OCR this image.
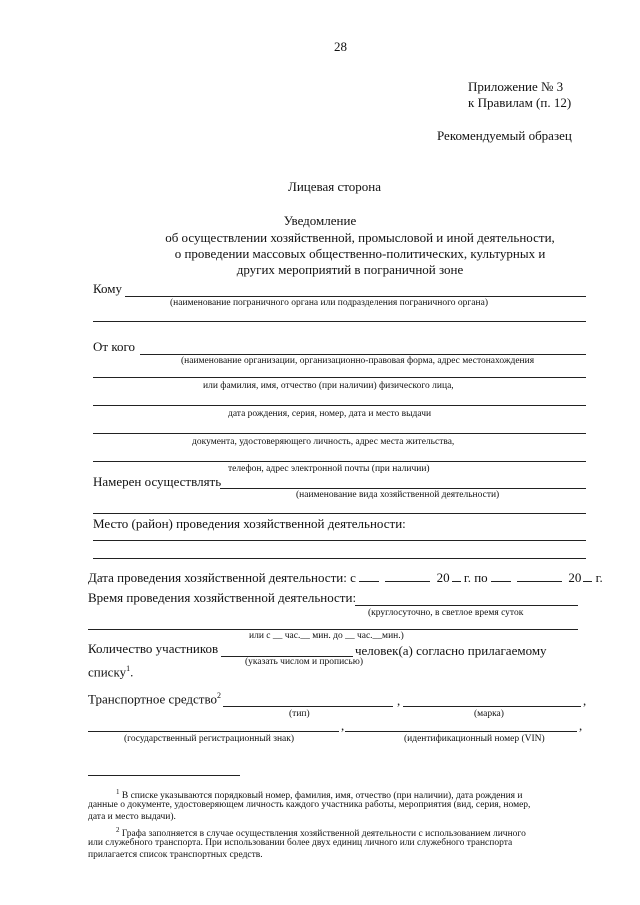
28
Приложение № 3
к Правилам (п. 12)
Рекомендуемый образец
Лицевая сторона
Уведомление
об осуществлении хозяйственной, промысловой и иной деятельности,
о проведении массовых общественно-политических, культурных и
других мероприятий в пограничной зоне
Кому
(наименование пограничного органа или подразделения пограничного органа)
От кого
(наименование организации, организационно-правовая форма, адрес местонахождения
или фамилия, имя, отчество (при наличии) физического лица,
дата рождения, серия, номер, дата и место выдачи
документа, удостоверяющего личность, адрес места жительства,
телефон, адрес электронной почты (при наличии)
Намерен осуществлять
(наименование вида хозяйственной деятельности)
Место (район) проведения хозяйственной деятельности:
Дата проведения хозяйственной деятельности: с	20 г. по	20 г.
Время проведения хозяйственной деятельности:
(круглосуточно, в светлое время суток
или с __ час.__ мин. до __ час.__мин.)
Количество участников	человек(а) согласно прилагаемому
(указать числом и прописью)
списку$^1$.
Транспортное средство$^2$	,	,
(тип)	(марка)
,	,
(государственный регистрационный знак)	(идентификационный номер (VIN)
$^1$ В списке указываются порядковый номер, фамилия, имя, отчество (при наличии), дата рождения и
данные о документе, удостоверяющем личность каждого участника работы, мероприятия (вид, серия, номер,
дата и место выдачи).
$^2$ Графа заполняется в случае осуществления хозяйственной деятельности с использованием личного
или служебного транспорта. При использовании более двух единиц личного или служебного транспорта
прилагается список транспортных средств.
